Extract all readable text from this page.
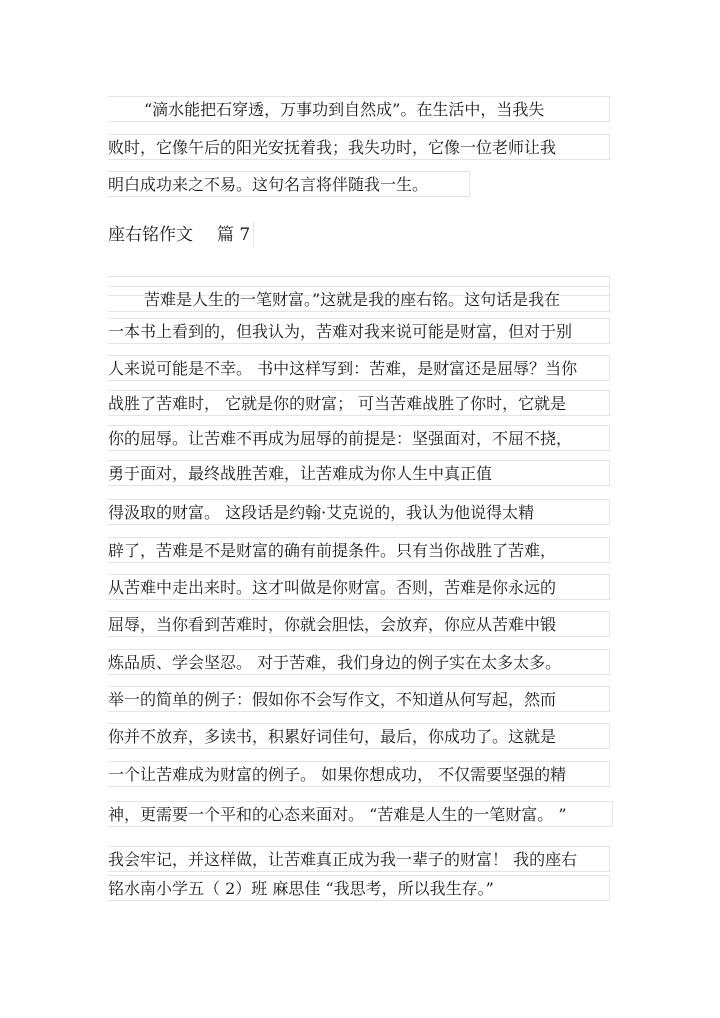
“滴水能把石穿透，万事功到自然成”。在生活中，当我失
败时，它像午后的阳光安抚着我；我失功时，它像一位老师让我
明白成功来之不易。这句名言将伴随我一生。
座右铭作文 篇 7
苦难是人生的一笔财富。”这就是我的座右铭。这句话是我在
一本书上看到的，但我认为，苦难对我来说可能是财富，但对于别
人来说可能是不幸。 书中这样写到：苦难，是财富还是屈辱？当你
战胜了苦难时， 它就是你的财富； 可当苦难战胜了你时，它就是
你的屈辱。让苦难不再成为屈辱的前提是：坚强面对，不屈不挠，
勇于面对，最终战胜苦难，让苦难成为你人生中真正值
得汲取的财富。 这段话是约翰·艾克说的，我认为他说得太精
辟了，苦难是不是财富的确有前提条件。只有当你战胜了苦难，
从苦难中走出来时。这才叫做是你财富。否则，苦难是你永远的
屈辱，当你看到苦难时，你就会胆怯，会放弃，你应从苦难中锻
炼品质、学会坚忍。 对于苦难，我们身边的例子实在太多太多。
举一的简单的例子：假如你不会写作文，不知道从何写起，然而
你并不放弃，多读书，积累好词佳句，最后，你成功了。这就是
一个让苦难成为财富的例子。 如果你想成功， 不仅需要坚强的精
神，更需要一个平和的心态来面对。 “苦难是人生的一笔财富。 ”
我会牢记，并这样做，让苦难真正成为我一辈子的财富！ 我的座右
铭水南小学五（ 2）班 麻思佳 “我思考，所以我生存。”
